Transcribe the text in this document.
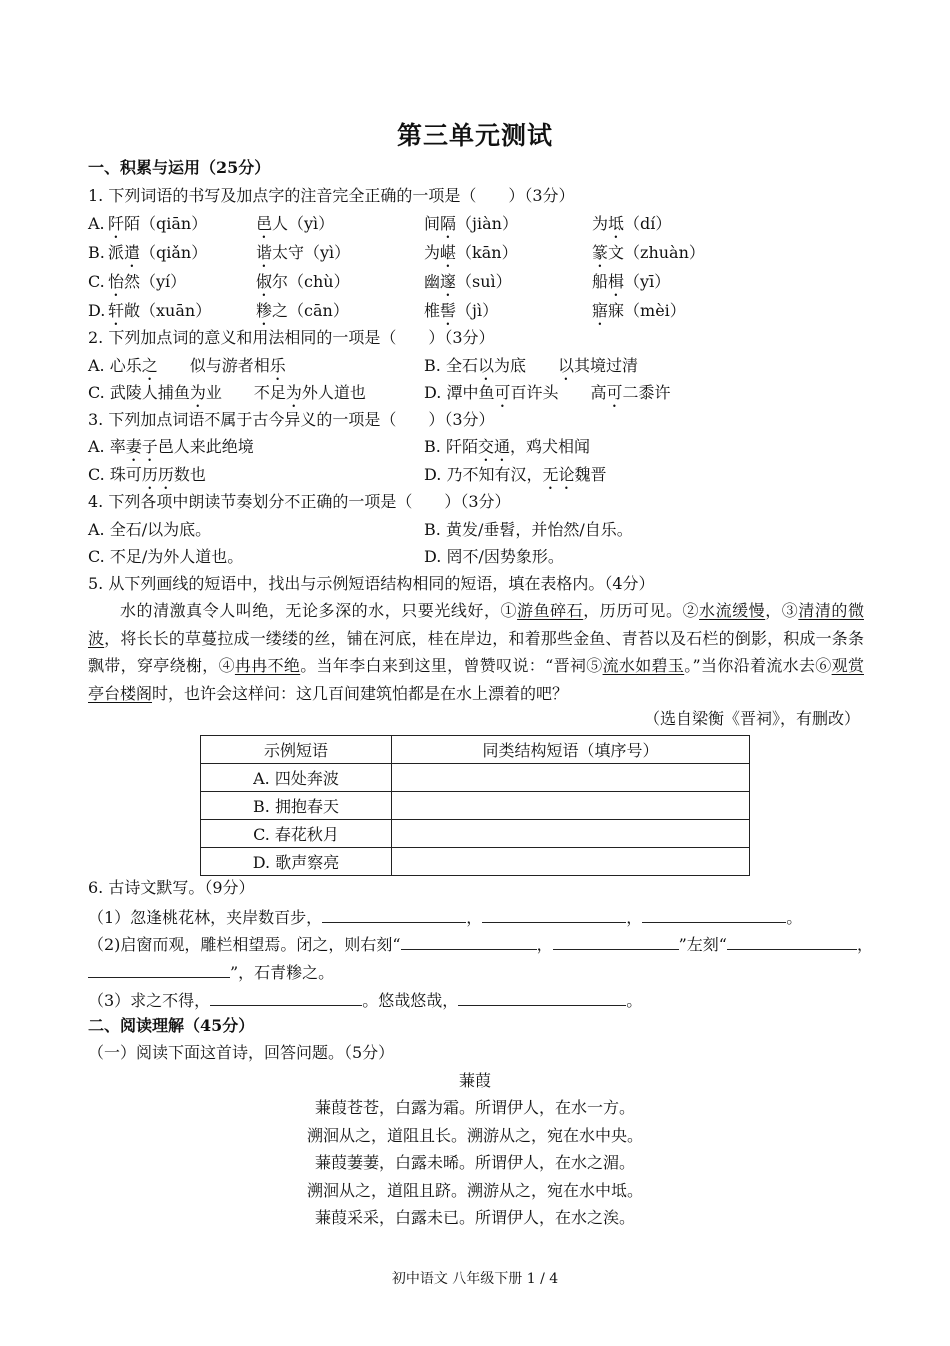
第三单元测试
一、积累与运用（25分）
1. 下列词语的书写及加点字的注音完全正确的一项是（　　）（3分）
A. 阡陌（qiān）	邑人（yì）	间隔（jiàn）	为坻（dí）
B. 派遣（qiǎn）	谐太守（yì）	为嵁（kān）	篆文（zhuàn）
C. 怡然（yí）	俶尔（chù）	幽邃（suì）	船楫（yī）
D. 轩敞（xuān）	糁之（cān）	椎髻（jì）	寤寐（mèi）
2. 下列加点词的意义和用法相同的一项是（　　）（3分）
A. 心乐之　　似与游者相乐	B. 全石以为底　　以其境过清
C. 武陵人捕鱼为业　　不足为外人道也	D. 潭中鱼可百许头　　高可二黍许
3. 下列加点词语不属于古今异义的一项是（　　）（3分）
A. 率妻子邑人来此绝境	B. 阡陌交通，鸡犬相闻
C. 珠可历历数也	D. 乃不知有汉，无论魏晋
4. 下列各项中朗读节奏划分不正确的一项是（　　）（3分）
A. 全石/以为底。	B. 黄发/垂髫，并怡然/自乐。
C. 不足/为外人道也。	D. 罔不/因势象形。
5. 从下列画线的短语中，找出与示例短语结构相同的短语，填在表格内。（4分）
水的清激真令人叫绝，无论多深的水，只要光线好，①游鱼碎石，历历可见。②水流缓慢，③清清的微波，将长长的草蔓拉成一缕缕的丝，铺在河底，桂在岸边，和着那些金鱼、青苔以及石栏的倒影，积成一条条飘带，穿亭绕榭，④冉冉不绝。当年李白来到这里，曾赞叹说：“晋祠⑤流水如碧玉。”当你沿着流水去⑥观赏亭台楼阁时，也许会这样问：这几百间建筑怕都是在水上漂着的吧？
（选自梁衡《晋祠》，有删改）
示例短语	同类结构短语（填序号）
A. 四处奔波	
B. 拥抱春天	
C. 春花秋月	
D. 歌声察亮	
6. 古诗文默写。（9分）
（1）忽逢桃花林，夹岸数百步，	，	，	。
（2)启窗而观，雕栏相望焉。闭之，则右刻“	，	”左刻“	，
”，石青糁之。
（3）求之不得，	。悠哉悠哉，	。
二、阅读理解（45分）
（一）阅读下面这首诗，回答问题。（5分）
蒹葭
蒹葭苍苍，白露为霜。所谓伊人，在水一方。
溯洄从之，道阻且长。溯游从之，宛在水中央。
蒹葭萋萋，白露未晞。所谓伊人，在水之湄。
溯洄从之，道阻且跻。溯游从之，宛在水中坻。
蒹葭采采，白露未已。所谓伊人，在水之涘。
初中语文 八年级下册 1 / 4
